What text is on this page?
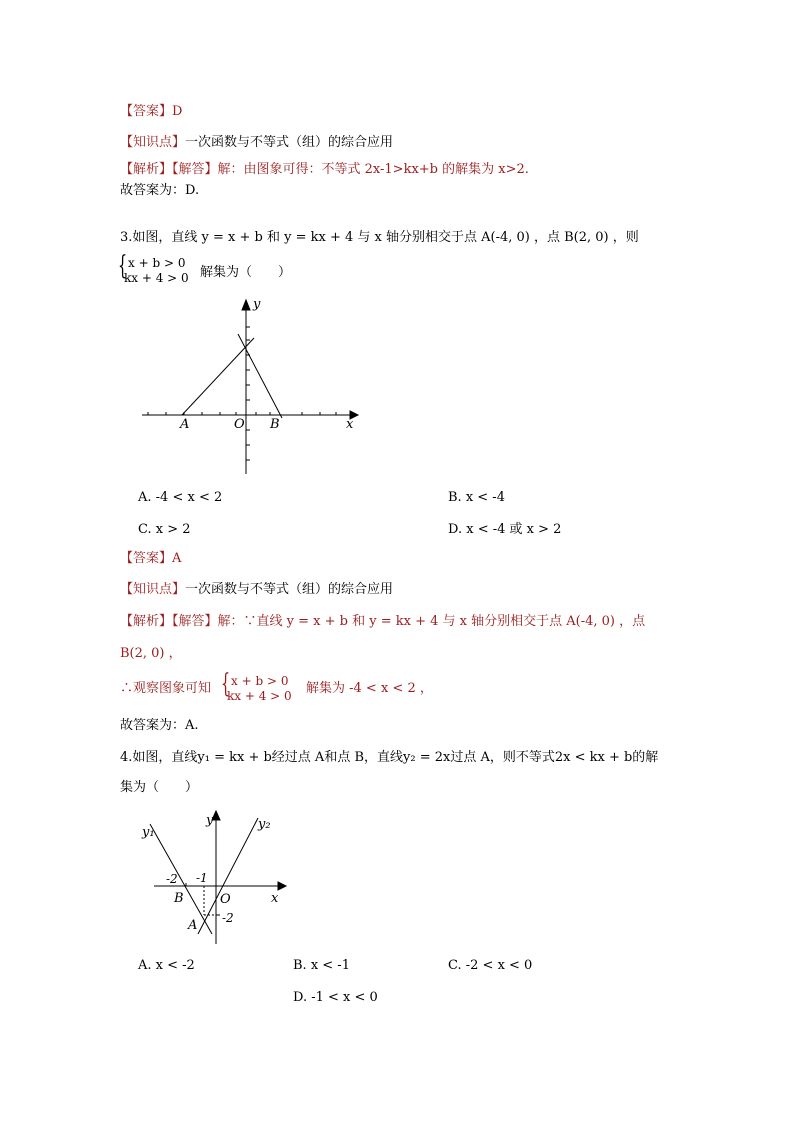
【答案】D
【知识点】一次函数与不等式（组）的综合应用
【解析】【解答】解：由图象可得：不等式 2x-1>kx+b 的解集为 x>2.
故答案为：D.
3.如图，直线 y = x + b 和 y = kx + 4 与 x 轴分别相交于点 A(-4, 0) ，点 B(2, 0) ，则
{ x + b > 0
kx + 4 > 0 解集为（　　）
y
x
O
A	B
A. -4 < x < 2	B. x < -4
C. x > 2	D. x < -4 或 x > 2
【答案】A
【知识点】一次函数与不等式（组）的综合应用
【解析】【解答】解：∵直线 y = x + b 和 y = kx + 4 与 x 轴分别相交于点 A(-4, 0) ，点
B(2, 0) ，
∴观察图象可知 { x + b > 0
kx + 4 > 0 解集为 -4 < x < 2 ，
故答案为：A.
4.如图，直线y₁ = kx + b经过点 A和点 B，直线y₂ = 2x过点 A，则不等式2x < kx + b的解
集为（　　）
y
x
O
A
B
y₁
y₂
-2 -1
-2
A. x < -2	B. x < -1	C. -2 < x < 0
D. -1 < x < 0
